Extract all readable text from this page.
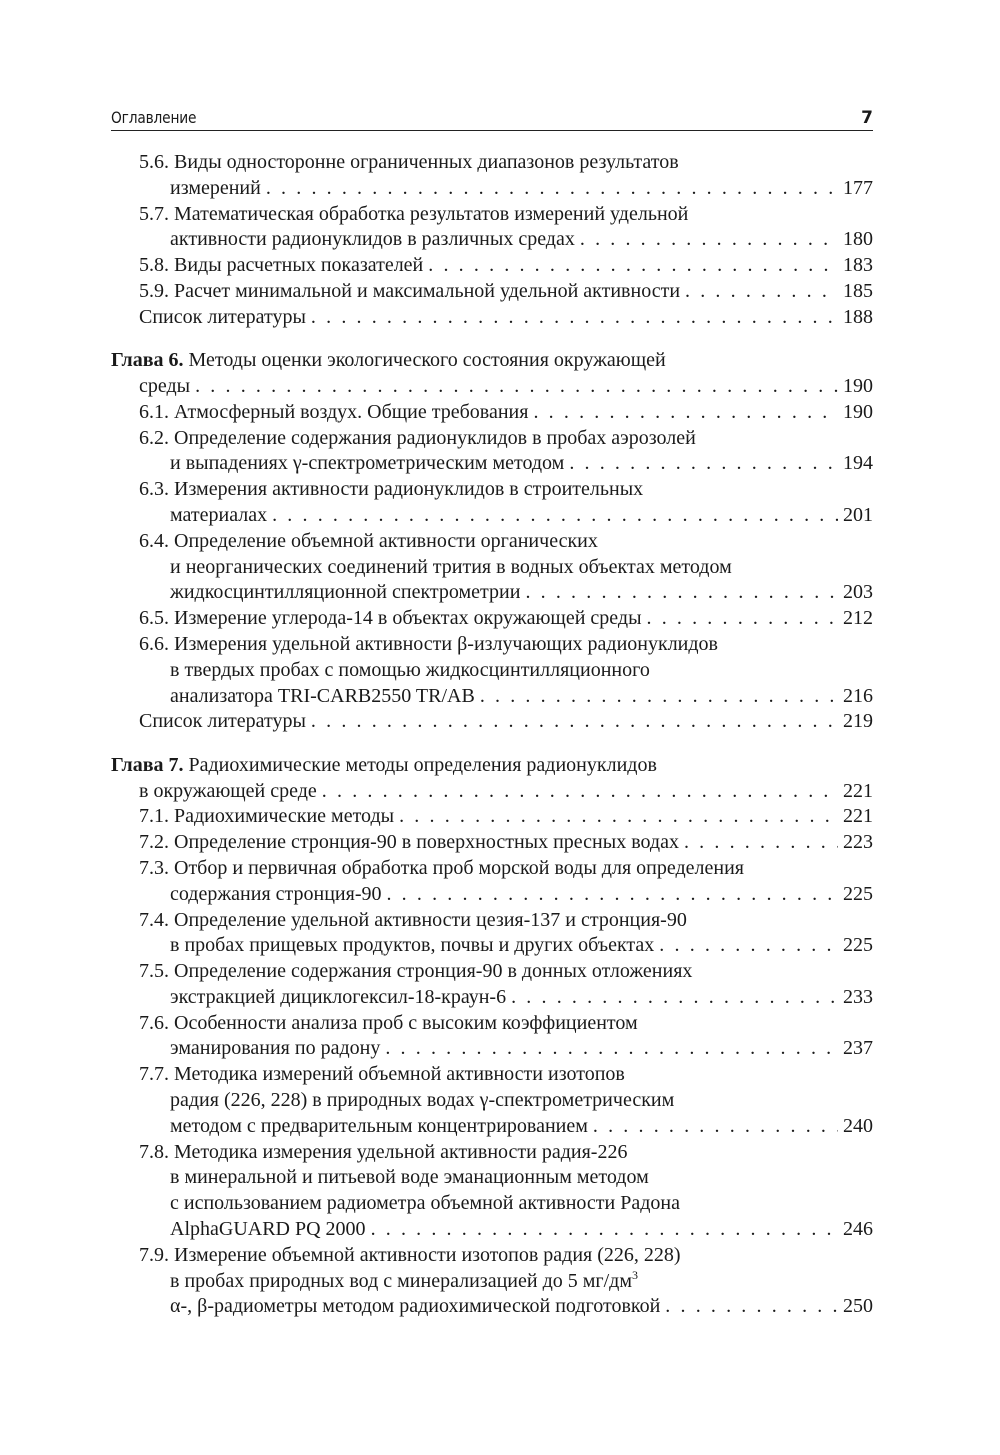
Оглавление	7
5.6. Виды односторонне ограниченных диапазонов результатов
измерений . . .	177
5.7. Математическая обработка результатов измерений удельной
активности радионуклидов в различных средах . . .	180
5.8. Виды расчетных показателей . . .	183
5.9. Расчет минимальной и максимальной удельной активности . . .	185
Список литературы . . .	188
Глава 6. Методы оценки экологического состояния окружающей
среды . . .	190
6.1. Атмосферный воздух. Общие требования . . .	190
6.2. Определение содержания радионуклидов в пробах аэрозолей
и выпадениях γ-спектрометрическим методом . . .	194
6.3. Измерения активности радионуклидов в строительных
материалах . . .	201
6.4. Определение объемной активности органических
и неорганических соединений трития в водных объектах методом
жидкосцинтилляционной спектрометрии . . .	203
6.5. Измерение углерода-14 в объектах окружающей среды . . .	212
6.6. Измерения удельной активности β-излучающих радионуклидов
в твердых пробах с помощью жидкосцинтилляционного
анализатора TRI-CARB2550 TR/AB . . .	216
Список литературы . . .	219
Глава 7. Радиохимические методы определения радионуклидов
в окружающей среде . . .	221
7.1. Радиохимические методы . . .	221
7.2. Определение стронция-90 в поверхностных пресных водах . . .	223
7.3. Отбор и первичная обработка проб морской воды для определения
содержания стронция-90 . . .	225
7.4. Определение удельной активности цезия-137 и стронция-90
в пробах прищевых продуктов, почвы и других объектах . . .	225
7.5. Определение содержания стронция-90 в донных отложениях
экстракцией дициклогексил-18-краун-6 . . .	233
7.6. Особенности анализа проб с высоким коэффициентом
эманирования по радону . . .	237
7.7. Методика измерений объемной активности изотопов
радия (226, 228) в природных водах γ-спектрометрическим
методом с предварительным концентрированием . . .	240
7.8. Методика измерения удельной активности радия-226
в минеральной и питьевой воде эманационным методом
с использованием радиометра объемной активности Радона
AlphaGUARD PQ 2000 . . .	246
7.9. Измерение объемной активности изотопов радия (226, 228)
в пробах природных вод с минерализацией до 5 $мг/дм^3$
α-, β-радиометры методом радиохимической подготовкой . . .	250
